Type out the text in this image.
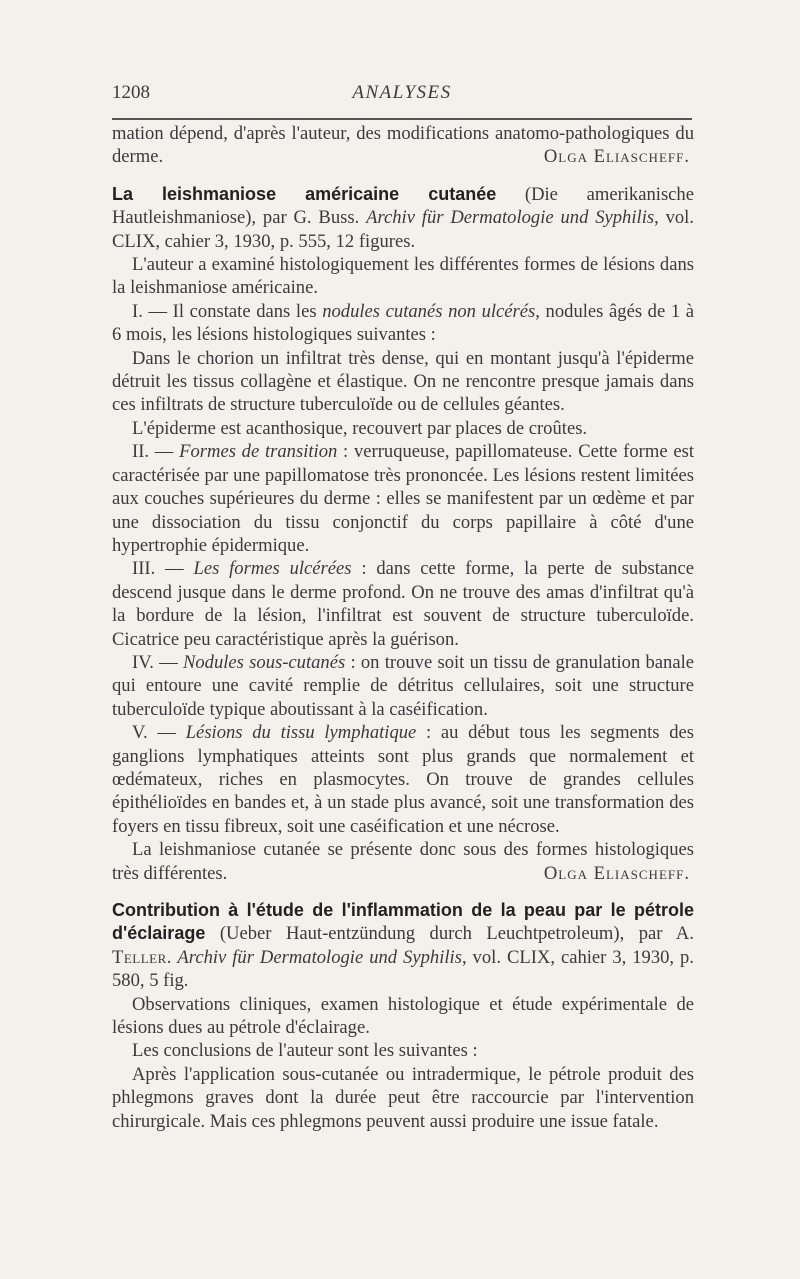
1208	ANALYSES

mation dépend, d'après l'auteur, des modifications anatomo-pathologiques du derme.	Olga Eliascheff.

La leishmaniose américaine cutanée (Die amerikanische Hautleishmaniose), par G. Buss. Archiv für Dermatologie und Syphilis, vol. CLIX, cahier 3, 1930, p. 555, 12 figures.

L'auteur a examiné histologiquement les différentes formes de lésions dans la leishmaniose américaine.

I. — Il constate dans les nodules cutanés non ulcérés, nodules âgés de 1 à 6 mois, les lésions histologiques suivantes :

Dans le chorion un infiltrat très dense, qui en montant jusqu'à l'épiderme détruit les tissus collagène et élastique. On ne rencontre presque jamais dans ces infiltrats de structure tuberculoïde ou de cellules géantes.

L'épiderme est acanthosique, recouvert par places de croûtes.

II. — Formes de transition : verruqueuse, papillomateuse. Cette forme est caractérisée par une papillomatose très prononcée. Les lésions restent limitées aux couches supérieures du derme : elles se manifestent par un œdème et par une dissociation du tissu conjonctif du corps papillaire à côté d'une hypertrophie épidermique.

III. — Les formes ulcérées : dans cette forme, la perte de substance descend jusque dans le derme profond. On ne trouve des amas d'infiltrat qu'à la bordure de la lésion, l'infiltrat est souvent de structure tuberculoïde. Cicatrice peu caractéristique après la guérison.

IV. — Nodules sous-cutanés : on trouve soit un tissu de granulation banale qui entoure une cavité remplie de détritus cellulaires, soit une structure tuberculoïde typique aboutissant à la caséification.

V. — Lésions du tissu lymphatique : au début tous les segments des ganglions lymphatiques atteints sont plus grands que normalement et œdémateux, riches en plasmocytes. On trouve de grandes cellules épithélioïdes en bandes et, à un stade plus avancé, soit une transformation des foyers en tissu fibreux, soit une caséification et une nécrose.

La leishmaniose cutanée se présente donc sous des formes histologiques très différentes.	Olga Eliascheff.

Contribution à l'étude de l'inflammation de la peau par le pétrole d'éclairage (Ueber Haut-entzündung durch Leuchtpetroleum), par A. Teller. Archiv für Dermatologie und Syphilis, vol. CLIX, cahier 3, 1930, p. 580, 5 fig.

Observations cliniques, examen histologique et étude expérimentale de lésions dues au pétrole d'éclairage.

Les conclusions de l'auteur sont les suivantes :

Après l'application sous-cutanée ou intradermique, le pétrole produit des phlegmons graves dont la durée peut être raccourcie par l'intervention chirurgicale. Mais ces phlegmons peuvent aussi produire une issue fatale.
